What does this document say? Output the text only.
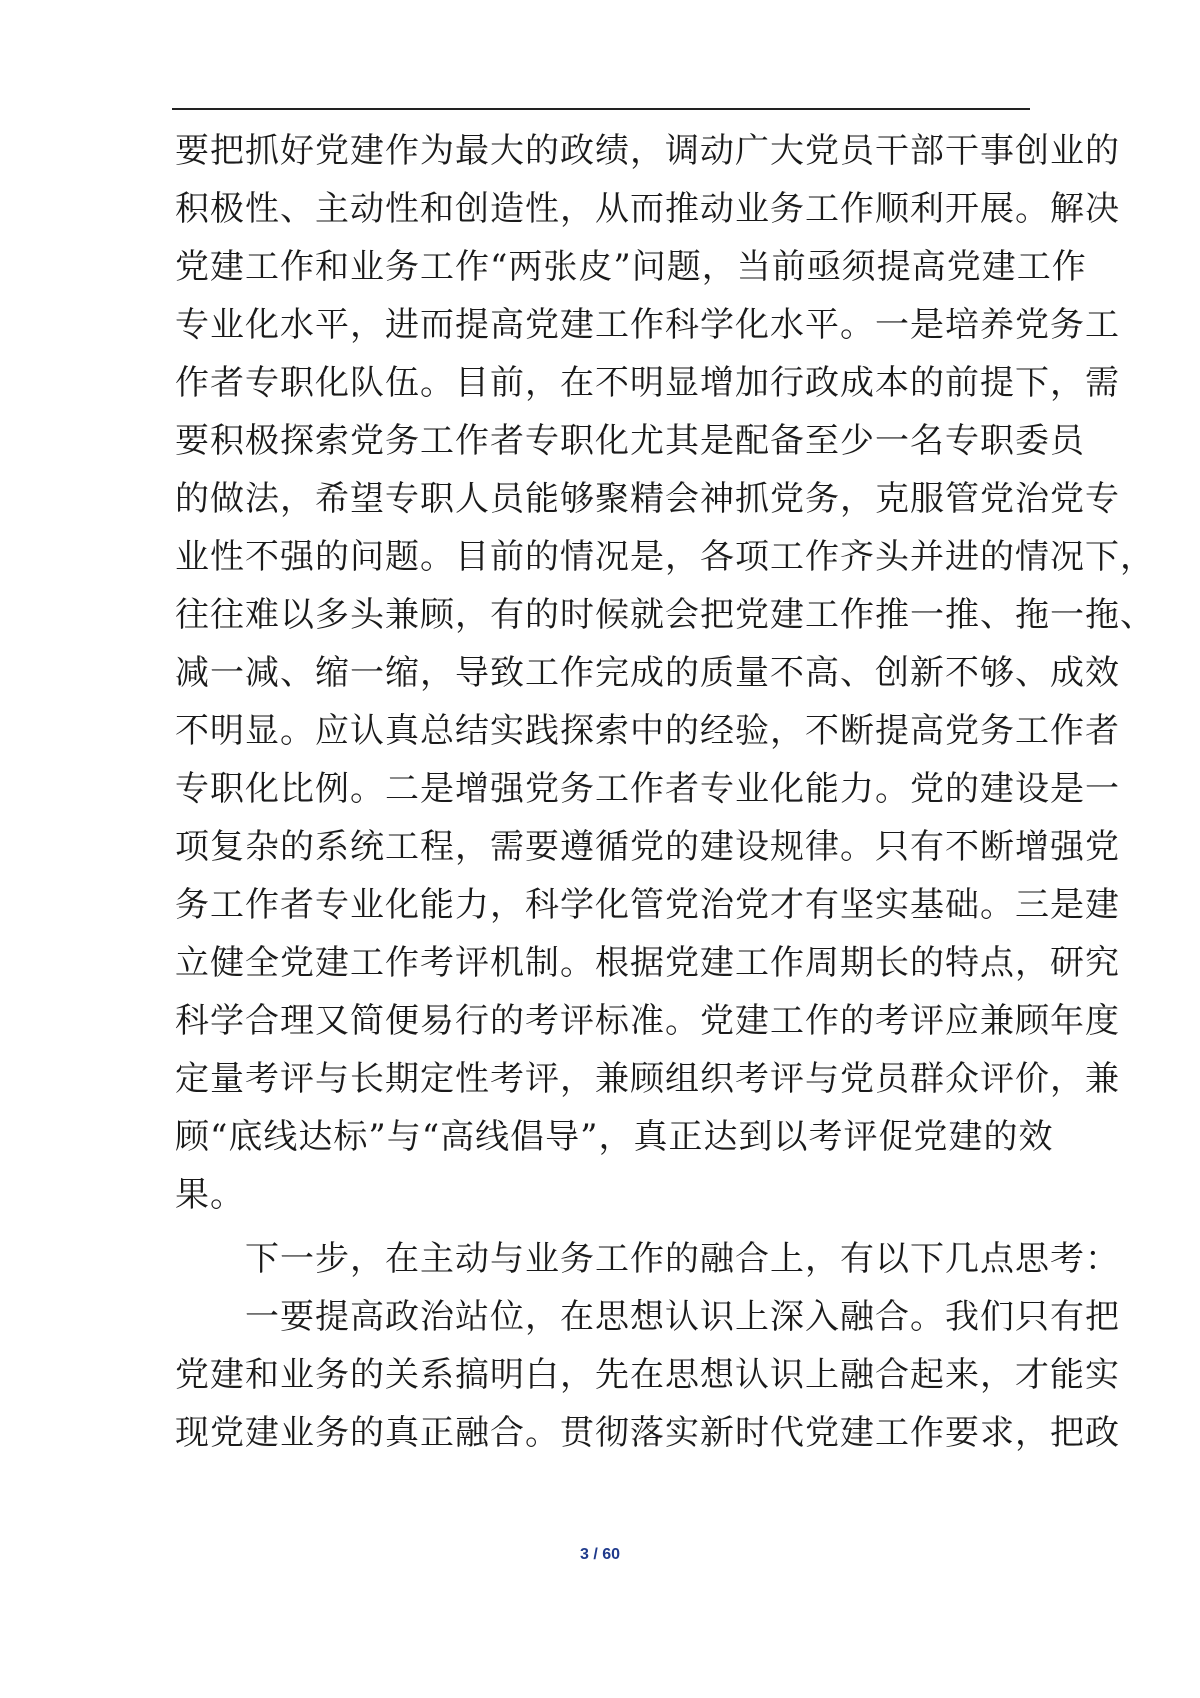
要把抓好党建作为最大的政绩，调动广大党员干部干事创业的
积极性、主动性和创造性，从而推动业务工作顺利开展。解决
党建工作和业务工作“两张皮”问题，当前亟须提高党建工作
专业化水平，进而提高党建工作科学化水平。一是培养党务工
作者专职化队伍。目前，在不明显增加行政成本的前提下，需
要积极探索党务工作者专职化尤其是配备至少一名专职委员
的做法，希望专职人员能够聚精会神抓党务，克服管党治党专
业性不强的问题。目前的情况是，各项工作齐头并进的情况下，
往往难以多头兼顾，有的时候就会把党建工作推一推、拖一拖、
减一减、缩一缩，导致工作完成的质量不高、创新不够、成效
不明显。应认真总结实践探索中的经验，不断提高党务工作者
专职化比例。二是增强党务工作者专业化能力。党的建设是一
项复杂的系统工程，需要遵循党的建设规律。只有不断增强党
务工作者专业化能力，科学化管党治党才有坚实基础。三是建
立健全党建工作考评机制。根据党建工作周期长的特点，研究
科学合理又简便易行的考评标准。党建工作的考评应兼顾年度
定量考评与长期定性考评，兼顾组织考评与党员群众评价，兼
顾“底线达标”与“高线倡导”，真正达到以考评促党建的效
果。
　　下一步，在主动与业务工作的融合上，有以下几点思考：
　　一要提高政治站位，在思想认识上深入融合。我们只有把
党建和业务的关系搞明白，先在思想认识上融合起来，才能实
现党建业务的真正融合。贯彻落实新时代党建工作要求，把政
3 / 60
